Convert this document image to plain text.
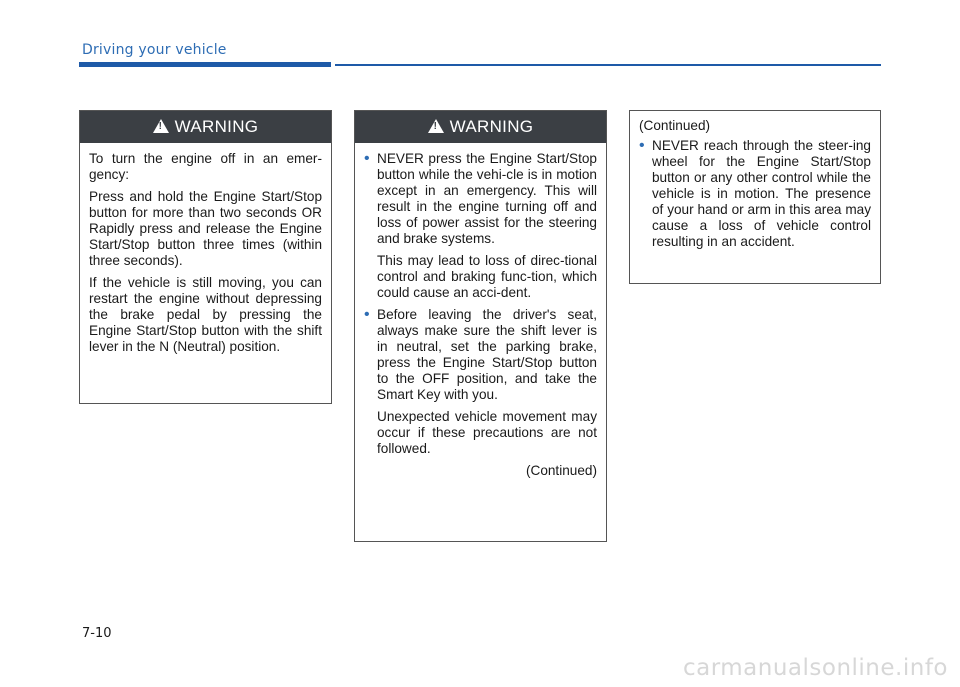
Driving your vehicle
!
WARNING

To turn the engine off in an emer-gency:

Press and hold the Engine Start/Stop button for more than two seconds OR Rapidly press and release the Engine Start/Stop button three times (within three seconds).

If the vehicle is still moving, you can restart the engine without depressing the brake pedal by pressing the Engine Start/Stop button with the shift lever in the N (Neutral) position.

!
WARNING
• NEVER press the Engine Start/Stop button while the vehi-cle is in motion except in an emergency. This will result in the engine turning off and loss of power assist for the steering and brake systems.
This may lead to loss of direc-tional control and braking func-tion, which could cause an acci-dent.
• Before leaving the driver's seat, always make sure the shift lever is in neutral, set the parking brake, press the Engine Start/Stop button to the OFF position, and take the Smart Key with you.
Unexpected vehicle movement may occur if these precautions are not followed.
(Continued)
(Continued)
• NEVER reach through the steer-ing wheel for the Engine Start/Stop button or any other control while the vehicle is in motion. The presence of your hand or arm in this area may cause a loss of vehicle control resulting in an accident.
7-10
carmanualsonline.info
